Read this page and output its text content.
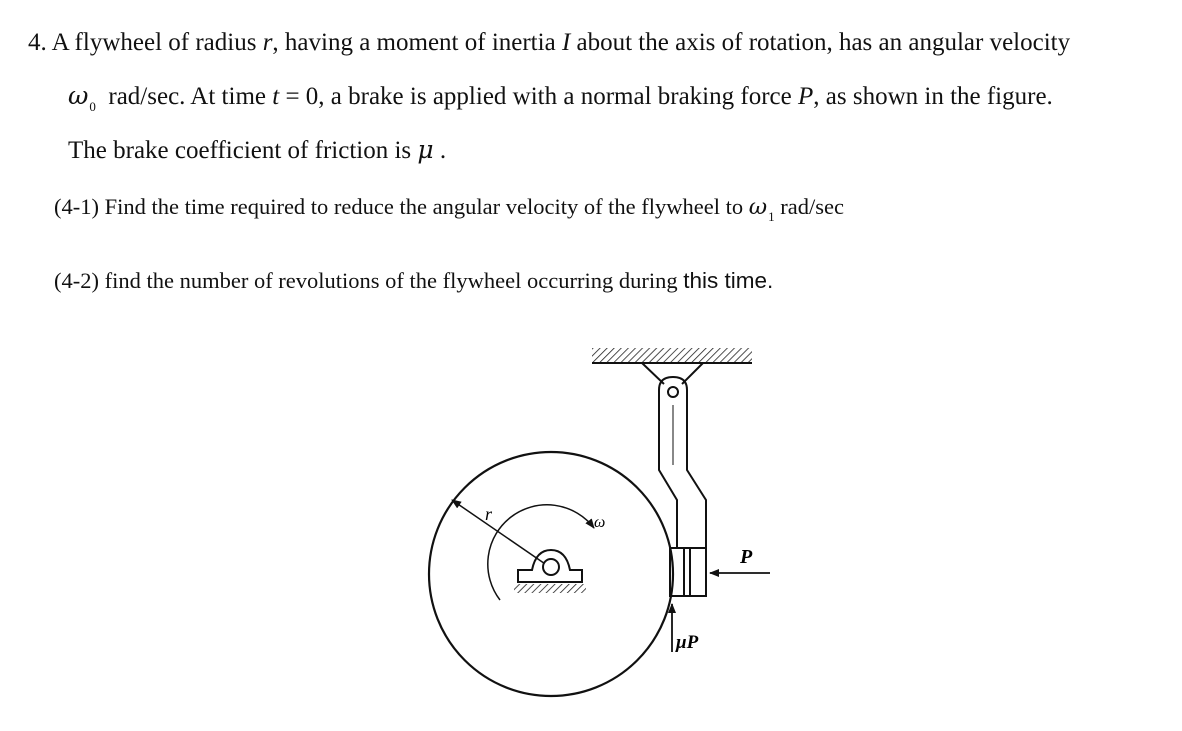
4. A flywheel of radius r, having a moment of inertia I about the axis of rotation, has an angular velocity
$\omega_0$  rad/sec. At time t = 0, a brake is applied with a normal braking force P, as shown in the figure.
The brake coefficient of friction is μ .
(4-1) Find the time required to reduce the angular velocity of the flywheel to $\omega_1$ rad/sec
(4-2) find the number of revolutions of the flywheel occurring during this time.
r	ω
P
μP
